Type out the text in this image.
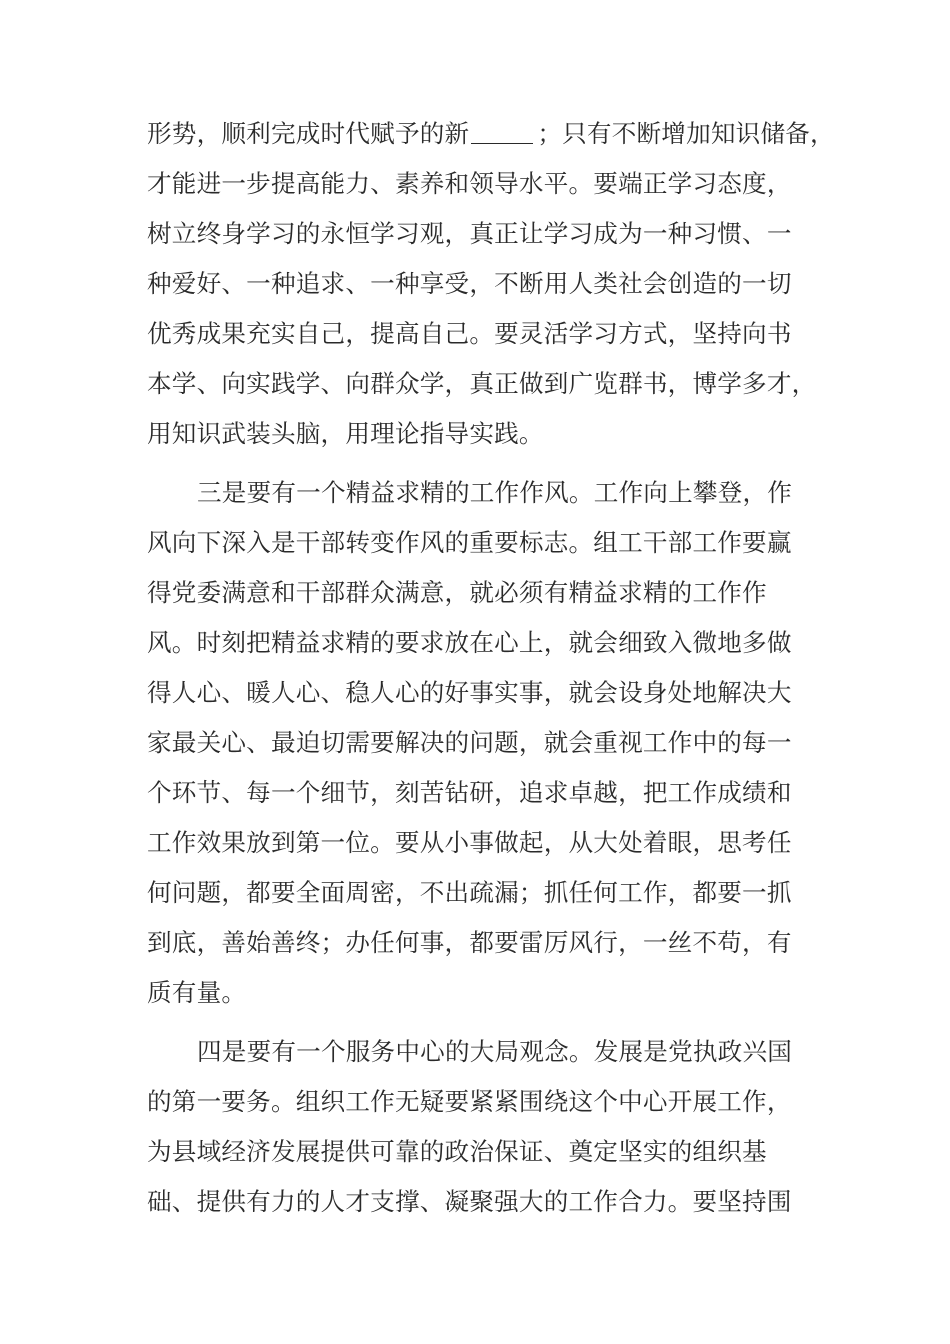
形势，顺利完成时代赋予的新	；只有不断增加知识储备，
才能进一步提高能力、素养和领导水平。要端正学习态度，
树立终身学习的永恒学习观，真正让学习成为一种习惯、一
种爱好、一种追求、一种享受，不断用人类社会创造的一切
优秀成果充实自己，提高自己。要灵活学习方式，坚持向书
本学、向实践学、向群众学，真正做到广览群书，博学多才，
用知识武装头脑，用理论指导实践。
三是要有一个精益求精的工作作风。工作向上攀登，作
风向下深入是干部转变作风的重要标志。组工干部工作要赢
得党委满意和干部群众满意，就必须有精益求精的工作作
风。时刻把精益求精的要求放在心上，就会细致入微地多做
得人心、暖人心、稳人心的好事实事，就会设身处地解决大
家最关心、最迫切需要解决的问题，就会重视工作中的每一
个环节、每一个细节，刻苦钻研，追求卓越，把工作成绩和
工作效果放到第一位。要从小事做起，从大处着眼，思考任
何问题，都要全面周密，不出疏漏；抓任何工作，都要一抓
到底，善始善终；办任何事，都要雷厉风行，一丝不苟，有
质有量。
四是要有一个服务中心的大局观念。发展是党执政兴国
的第一要务。组织工作无疑要紧紧围绕这个中心开展工作，
为县域经济发展提供可靠的政治保证、奠定坚实的组织基
础、提供有力的人才支撑、凝聚强大的工作合力。要坚持围
